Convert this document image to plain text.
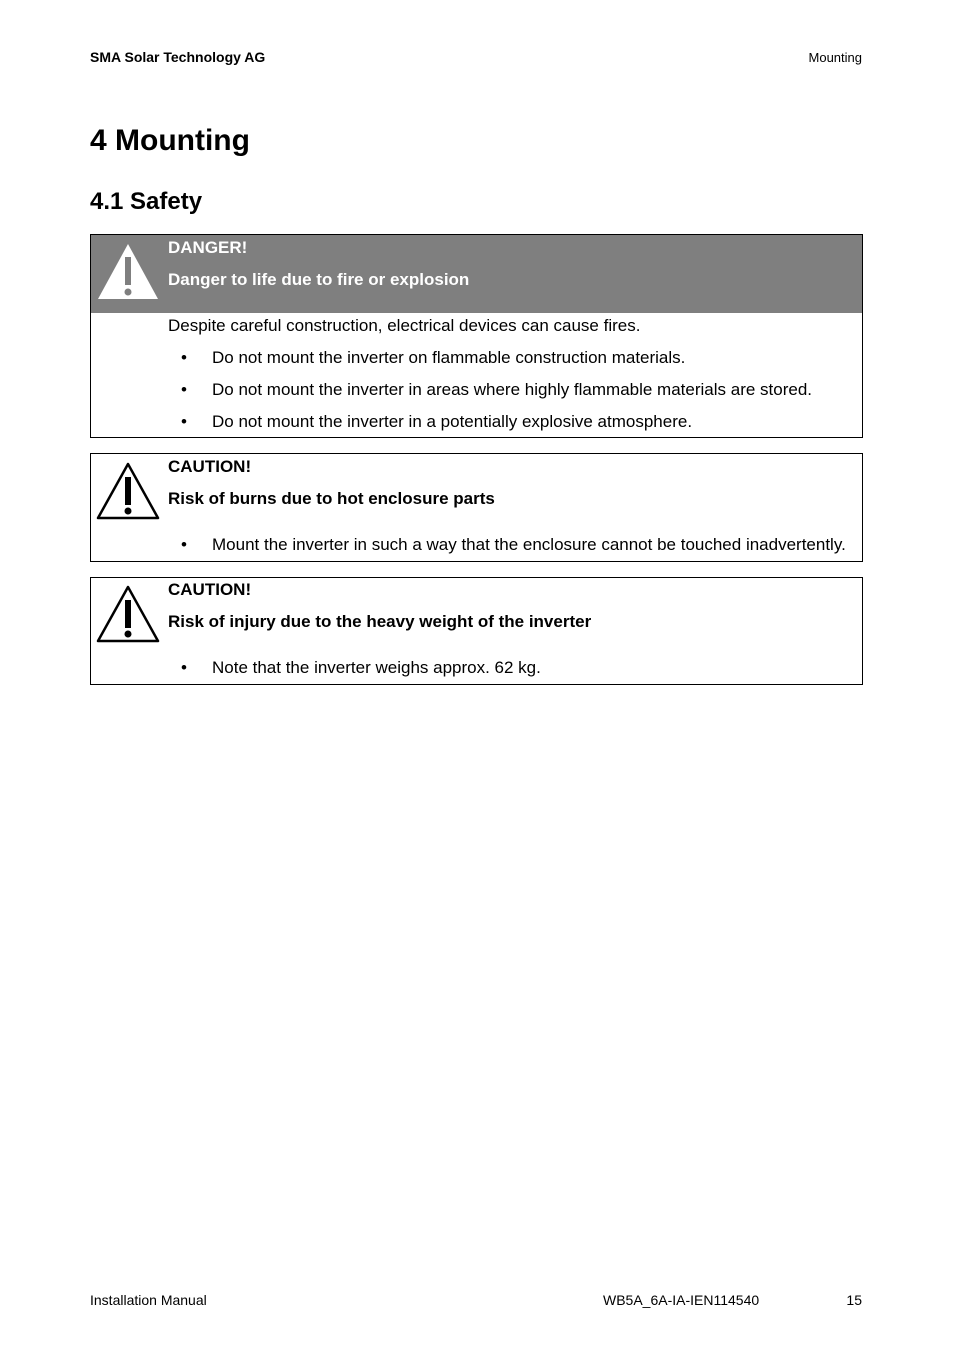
SMA Solar Technology AG	Mounting
4 Mounting
4.1 Safety
DANGER!
Danger to life due to fire or explosion
Despite careful construction, electrical devices can cause fires.
• Do not mount the inverter on flammable construction materials.
• Do not mount the inverter in areas where highly flammable materials are stored.
• Do not mount the inverter in a potentially explosive atmosphere.
CAUTION!
Risk of burns due to hot enclosure parts
• Mount the inverter in such a way that the enclosure cannot be touched inadvertently.
CAUTION!
Risk of injury due to the heavy weight of the inverter
• Note that the inverter weighs approx. 62 kg.
Installation Manual	WB5A_6A-IA-IEN114540	15
